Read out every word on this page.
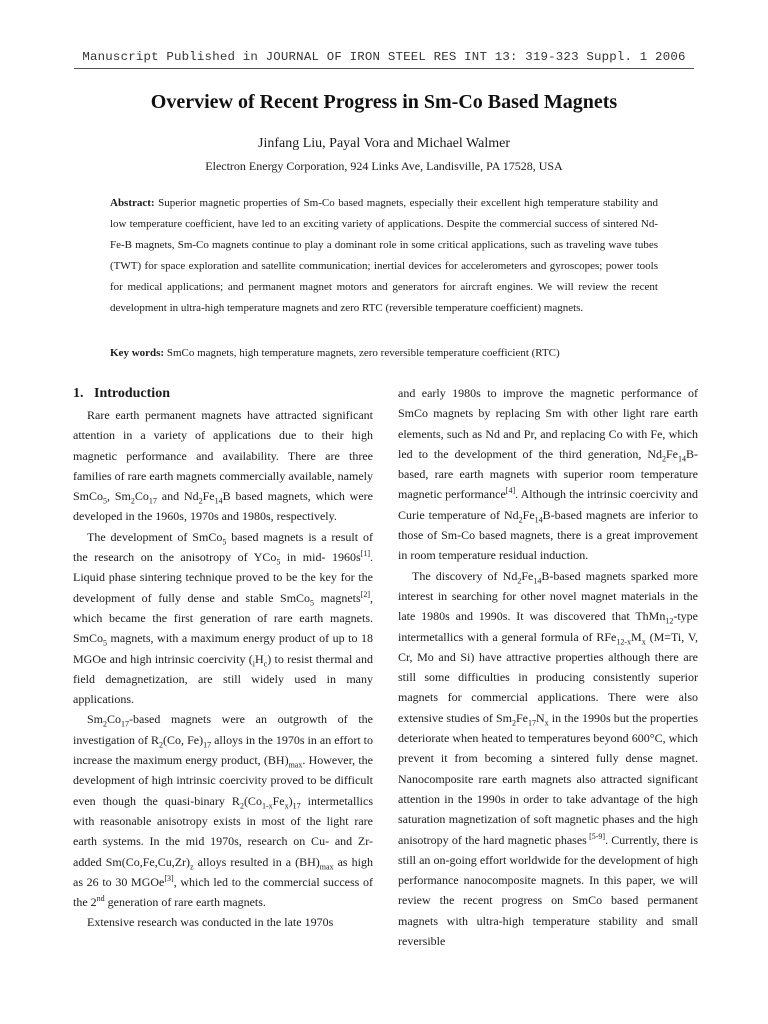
Manuscript Published in JOURNAL OF IRON STEEL RES INT 13: 319-323 Suppl. 1 2006
Overview of Recent Progress in Sm-Co Based Magnets
Jinfang Liu, Payal Vora and Michael Walmer
Electron Energy Corporation, 924 Links Ave, Landisville, PA 17528, USA
Abstract: Superior magnetic properties of Sm-Co based magnets, especially their excellent high temperature stability and low temperature coefficient, have led to an exciting variety of applications. Despite the commercial success of sintered Nd-Fe-B magnets, Sm-Co magnets continue to play a dominant role in some critical applications, such as traveling wave tubes (TWT) for space exploration and satellite communication; inertial devices for accelerometers and gyroscopes; power tools for medical applications; and permanent magnet motors and generators for aircraft engines. We will review the recent development in ultra-high temperature magnets and zero RTC (reversible temperature coefficient) magnets.
Key words: SmCo magnets, high temperature magnets, zero reversible temperature coefficient (RTC)
1.   Introduction

Rare earth permanent magnets have attracted significant attention in a variety of applications due to their high magnetic performance and availability. There are three families of rare earth magnets commercially available, namely SmCo$_5$, $Sm_2Co_{17}$ and $Nd_2Fe_{14}B$ based magnets, which were developed in the 1960s, 1970s and 1980s, respectively.

The development of SmCo$_5$ based magnets is a result of the research on the anisotropy of YCo$_5$ in mid- 1960s[1]. Liquid phase sintering technique proved to be the key for the development of fully dense and stable SmCo$_5$ magnets[2], which became the first generation of rare earth magnets. SmCo$_5$ magnets, with a maximum energy product of up to 18 MGOe and high intrinsic coercivity $(_iH_c)$ to resist thermal and field demagnetization, are still widely used in many applications.

$Sm_2Co_{17}$-based magnets were an outgrowth of the investigation of $R_2(Co$, $Fe)_{17}$ alloys in the 1970s in an effort to increase the maximum energy product, $(BH)_{max}$. However, the development of high intrinsic coercivity proved to be difficult even though the quasi-binary $R_2(Co_{1-x}Fe_x)_{17}$ intermetallics with reasonable anisotropy exists in most of the light rare earth systems. In the mid 1970s, research on Cu- and Zr-added $Sm(Co,Fe,Cu,Zr)_z$ alloys resulted in a $(BH)_{max}$ as high as 26 to 30 MGOe[3], which led to the commercial success of the 2nd generation of rare earth magnets.

Extensive research was conducted in the late 1970s

and early 1980s to improve the magnetic performance of SmCo magnets by replacing Sm with other light rare earth elements, such as Nd and Pr, and replacing Co with Fe, which led to the development of the third generation, $Nd_2Fe_{14}B$-based, rare earth magnets with superior room temperature magnetic performance[4]. Although the intrinsic coercivity and Curie temperature of $Nd_2Fe_{14}B$-based magnets are inferior to those of Sm-Co based magnets, there is a great improvement in room temperature residual induction.

The discovery of $Nd_2Fe_{14}B$-based magnets sparked more interest in searching for other novel magnet materials in the late 1980s and 1990s. It was discovered that ThMn$_{12}$-type intermetallics with a general formula of $RFe_{12-x}M_x$ (M=Ti, V, Cr, Mo and Si) have attractive properties although there are still some difficulties in producing consistently superior magnets for commercial applications. There were also extensive studies of $Sm_2Fe_{17}N_x$ in the 1990s but the properties deteriorate when heated to temperatures beyond 600°C, which prevent it from becoming a sintered fully dense magnet. Nanocomposite rare earth magnets also attracted significant attention in the 1990s in order to take advantage of the high saturation magnetization of soft magnetic phases and the high anisotropy of the hard magnetic phases [5-9]. Currently, there is still an on-going effort worldwide for the development of high performance nanocomposite magnets. In this paper, we will review the recent progress on SmCo based permanent magnets with ultra-high temperature stability and small reversible
